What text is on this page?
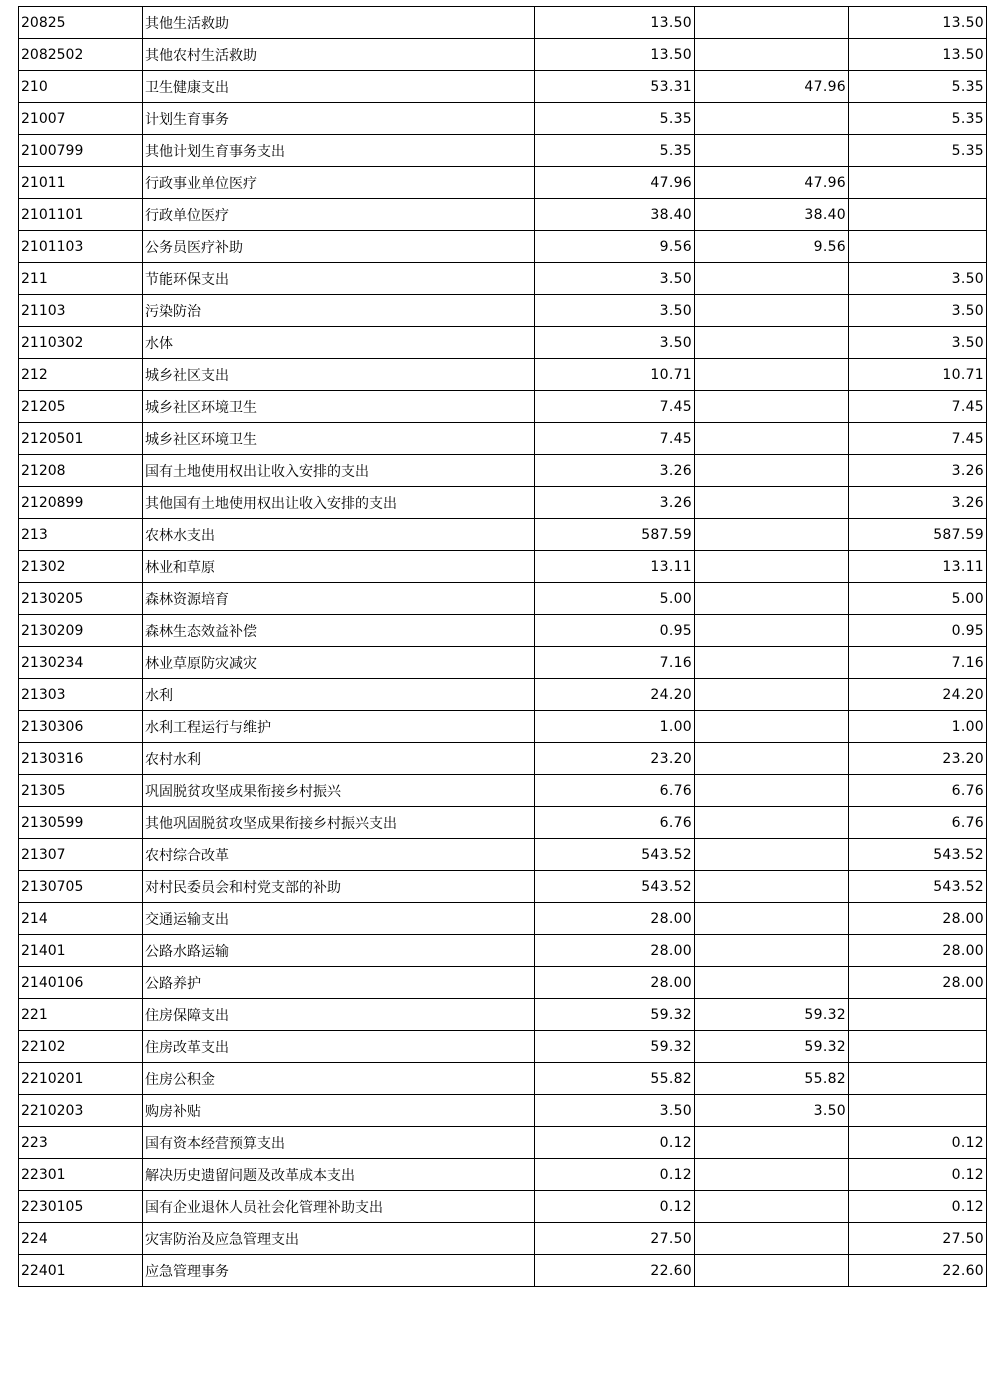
20825	其他生活救助	13.50		13.50
2082502	其他农村生活救助	13.50		13.50
210	卫生健康支出	53.31	47.96	5.35
21007	计划生育事务	5.35		5.35
2100799	其他计划生育事务支出	5.35		5.35
21011	行政事业单位医疗	47.96	47.96	
2101101	行政单位医疗	38.40	38.40	
2101103	公务员医疗补助	9.56	9.56	
211	节能环保支出	3.50		3.50
21103	污染防治	3.50		3.50
2110302	水体	3.50		3.50
212	城乡社区支出	10.71		10.71
21205	城乡社区环境卫生	7.45		7.45
2120501	城乡社区环境卫生	7.45		7.45
21208	国有土地使用权出让收入安排的支出	3.26		3.26
2120899	其他国有土地使用权出让收入安排的支出	3.26		3.26
213	农林水支出	587.59		587.59
21302	林业和草原	13.11		13.11
2130205	森林资源培育	5.00		5.00
2130209	森林生态效益补偿	0.95		0.95
2130234	林业草原防灾减灾	7.16		7.16
21303	水利	24.20		24.20
2130306	水利工程运行与维护	1.00		1.00
2130316	农村水利	23.20		23.20
21305	巩固脱贫攻坚成果衔接乡村振兴	6.76		6.76
2130599	其他巩固脱贫攻坚成果衔接乡村振兴支出	6.76		6.76
21307	农村综合改革	543.52		543.52
2130705	对村民委员会和村党支部的补助	543.52		543.52
214	交通运输支出	28.00		28.00
21401	公路水路运输	28.00		28.00
2140106	公路养护	28.00		28.00
221	住房保障支出	59.32	59.32	
22102	住房改革支出	59.32	59.32	
2210201	住房公积金	55.82	55.82	
2210203	购房补贴	3.50	3.50	
223	国有资本经营预算支出	0.12		0.12
22301	解决历史遗留问题及改革成本支出	0.12		0.12
2230105	国有企业退休人员社会化管理补助支出	0.12		0.12
224	灾害防治及应急管理支出	27.50		27.50
22401	应急管理事务	22.60		22.60
